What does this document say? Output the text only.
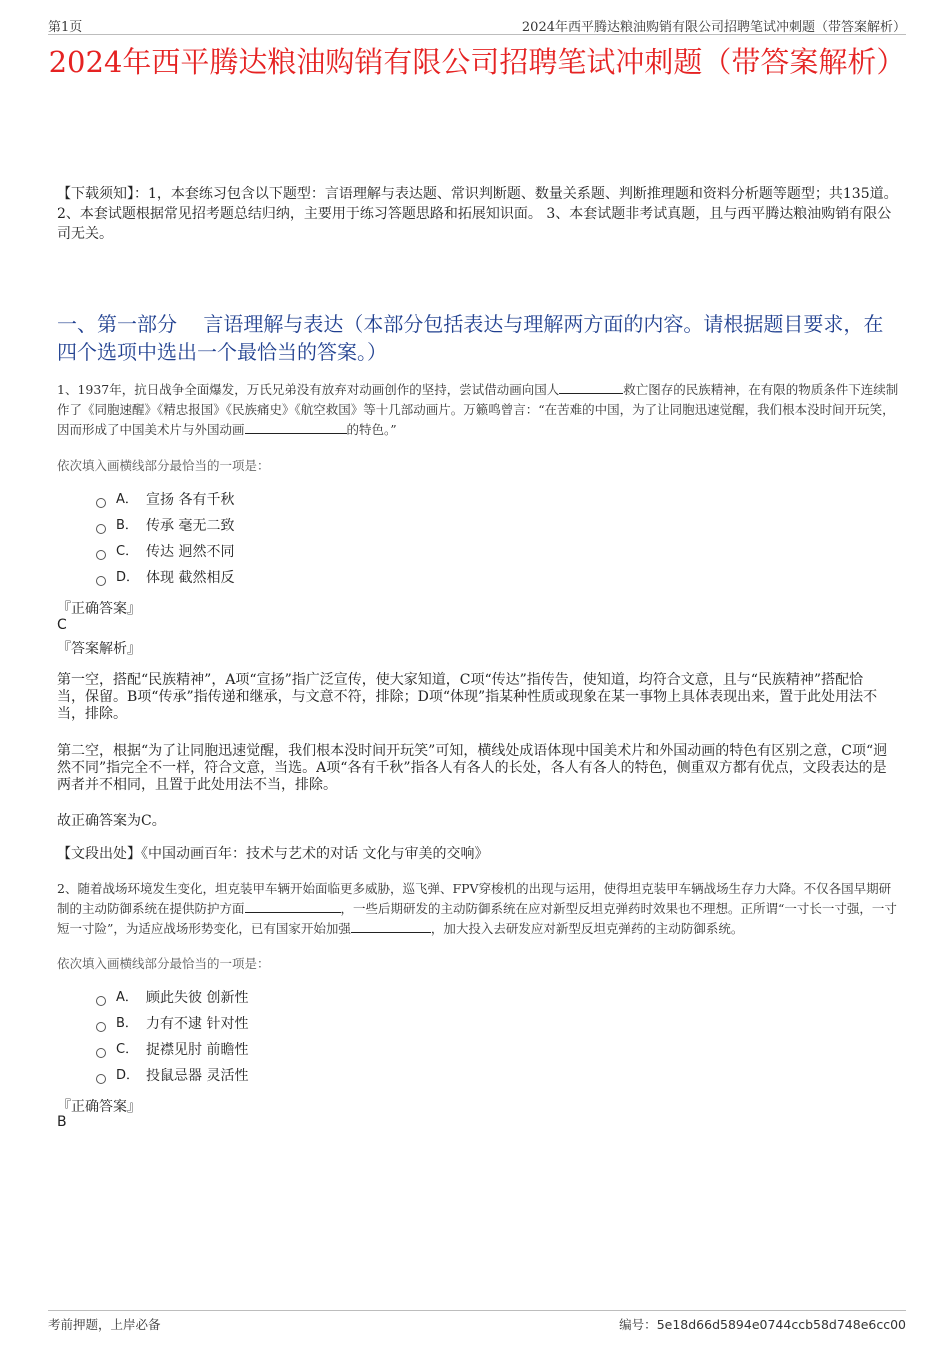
第1页	2024年西平腾达粮油购销有限公司招聘笔试冲刺题（带答案解析）
2024年西平腾达粮油购销有限公司招聘笔试冲刺题（带答案解析）
【下载须知】：1，本套练习包含以下题型：言语理解与表达题、常识判断题、数量关系题、判断推理题和资料分析题等题型；共135道。 2、本套试题根据常见招考题总结归纳，主要用于练习答题思路和拓展知识面。 3、本套试题非考试真题，且与西平腾达粮油购销有限公司无关。
一、第一部分　 言语理解与表达（本部分包括表达与理解两方面的内容。请根据题目要求，在四个选项中选出一个最恰当的答案。）
1、1937年，抗日战争全面爆发，万氏兄弟没有放弃对动画创作的坚持，尝试借动画向国人	救亡图存的民族精神，在有限的物质条件下连续制作了《同胞速醒》《精忠报国》《民族痛史》《航空救国》等十几部动画片。万籁鸣曾言：“在苦难的中国，为了让同胞迅速觉醒，我们根本没时间开玩笑，因而形成了中国美术片与外国动画	的特色。”
依次填入画横线部分最恰当的一项是：
A． 宣扬 各有千秋
B． 传承 毫无二致
C． 传达 迥然不同
D． 体现 截然相反
『正确答案』
C
『答案解析』
第一空，搭配“民族精神”，A项“宣扬”指广泛宣传，使大家知道，C项“传达”指传告，使知道，均符合文意，且与“民族精神”搭配恰当，保留。B项“传承”指传递和继承，与文意不符，排除；D项“体现”指某种性质或现象在某一事物上具体表现出来，置于此处用法不当，排除。
第二空，根据“为了让同胞迅速觉醒，我们根本没时间开玩笑”可知，横线处成语体现中国美术片和外国动画的特色有区别之意，C项“迥然不同”指完全不一样，符合文意，当选。A项“各有千秋”指各人有各人的长处，各人有各人的特色，侧重双方都有优点，文段表达的是两者并不相同，且置于此处用法不当，排除。
故正确答案为C。
【文段出处】《中国动画百年：技术与艺术的对话 文化与审美的交响》
2、随着战场环境发生变化，坦克装甲车辆开始面临更多威胁，巡飞弹、FPV穿梭机的出现与运用，使得坦克装甲车辆战场生存力大降。不仅各国早期研制的主动防御系统在提供防护方面	，一些后期研发的主动防御系统在应对新型反坦克弹药时效果也不理想。正所谓“一寸长一寸强，一寸短一寸险”，为适应战场形势变化，已有国家开始加强	，加大投入去研发应对新型反坦克弹药的主动防御系统。
依次填入画横线部分最恰当的一项是：
A． 顾此失彼 创新性
B． 力有不逮 针对性
C． 捉襟见肘 前瞻性
D． 投鼠忌器 灵活性
『正确答案』
B
考前押题，上岸必备	编号：5e18d66d5894e0744ccb58d748e6cc00
